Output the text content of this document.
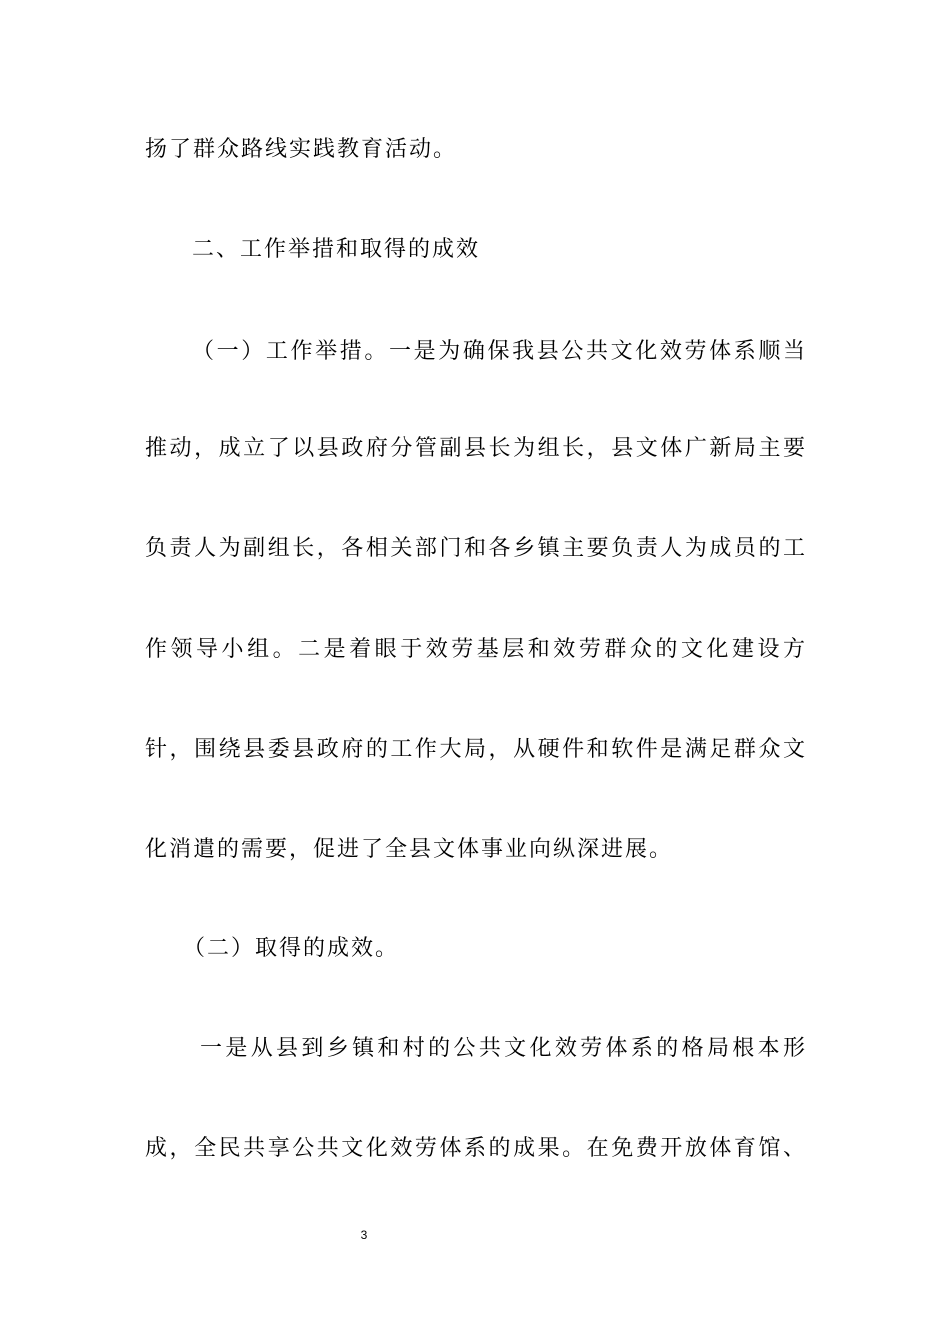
扬了群众路线实践教育活动。
二、工作举措和取得的成效
（一）工作举措。一是为确保我县公共文化效劳体系顺当
推动，成立了以县政府分管副县长为组长，县文体广新局主要
负责人为副组长，各相关部门和各乡镇主要负责人为成员的工
作领导小组。二是着眼于效劳基层和效劳群众的文化建设方
针，围绕县委县政府的工作大局，从硬件和软件是满足群众文
化消遣的需要，促进了全县文体事业向纵深进展。
（二）取得的成效。
一是从县到乡镇和村的公共文化效劳体系的格局根本形
成，全民共享公共文化效劳体系的成果。在免费开放体育馆、
3
